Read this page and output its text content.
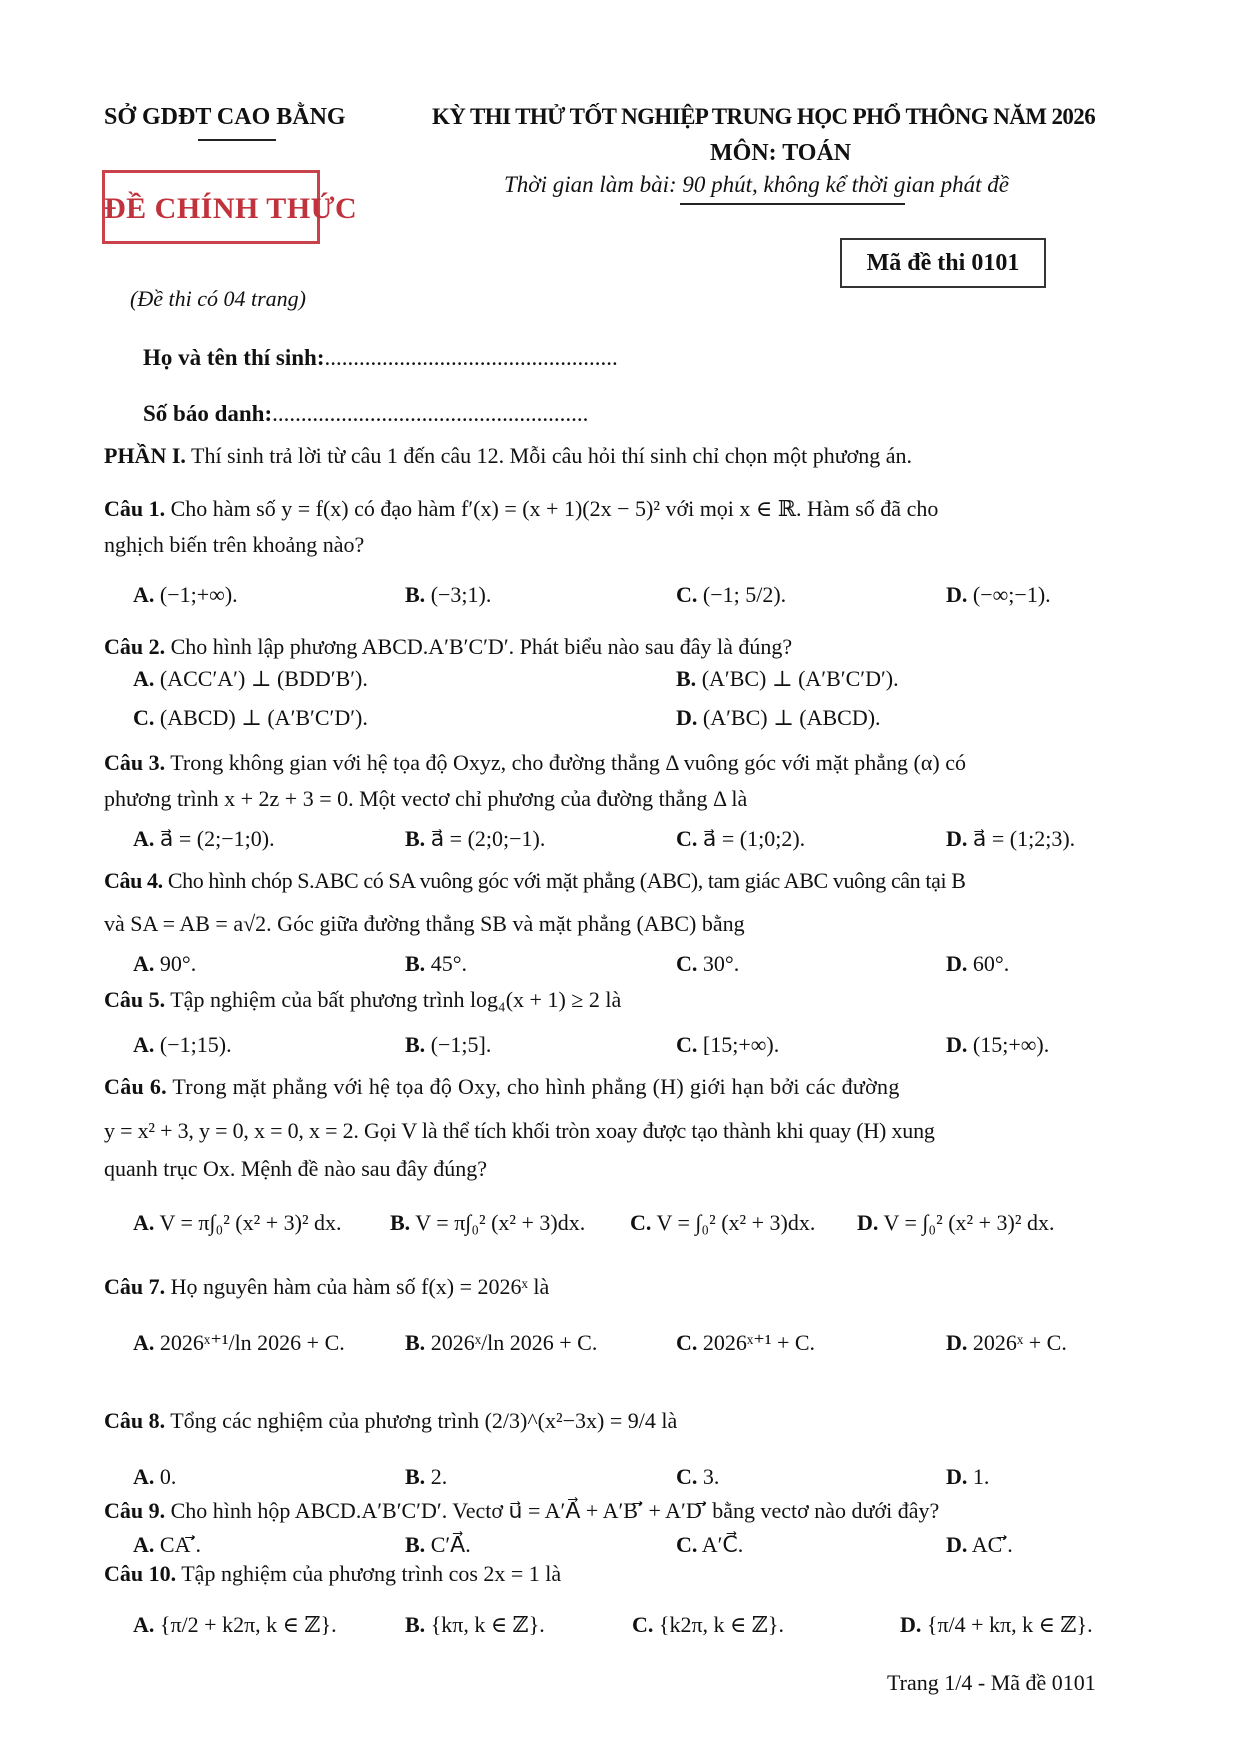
SỞ GDĐT CAO BẰNG	KỲ THI THỬ TỐT NGHIỆP TRUNG HỌC PHỔ THÔNG NĂM 2026
MÔN: TOÁN
Thời gian làm bài: 90 phút, không kể thời gian phát đề
ĐỀ CHÍNH THỨC
Mã đề thi 0101
(Đề thi có 04 trang)
Họ và tên thí sinh:...................................................
Số báo danh:.......................................................
PHẦN I. Thí sinh trả lời từ câu 1 đến câu 12. Mỗi câu hỏi thí sinh chỉ chọn một phương án.
Câu 1. Cho hàm số y = f(x) có đạo hàm f′(x) = (x + 1)(2x − 5)² với mọi x ∈ ℝ. Hàm số đã cho
nghịch biến trên khoảng nào?
A. (−1;+∞).	B. (−3;1).	C. (−1; 5/2).	D. (−∞;−1).
Câu 2. Cho hình lập phương ABCD.A′B′C′D′. Phát biểu nào sau đây là đúng?
A. (ACC′A′) ⊥ (BDD′B′).	B. (A′BC) ⊥ (A′B′C′D′).
C. (ABCD) ⊥ (A′B′C′D′).	D. (A′BC) ⊥ (ABCD).
Câu 3. Trong không gian với hệ tọa độ Oxyz, cho đường thẳng Δ vuông góc với mặt phẳng (α) có
phương trình x + 2z + 3 = 0. Một vectơ chỉ phương của đường thẳng Δ là
A. a⃗ = (2;−1;0).	B. a⃗ = (2;0;−1).	C. a⃗ = (1;0;2).	D. a⃗ = (1;2;3).
Câu 4. Cho hình chóp S.ABC có SA vuông góc với mặt phẳng (ABC), tam giác ABC vuông cân tại B
và SA = AB = a√2. Góc giữa đường thẳng SB và mặt phẳng (ABC) bằng
A. 90°.	B. 45°.	C. 30°.	D. 60°.
Câu 5. Tập nghiệm của bất phương trình log₄(x + 1) ≥ 2 là
A. (−1;15).	B. (−1;5].	C. [15;+∞).	D. (15;+∞).
Câu 6. Trong mặt phẳng với hệ tọa độ Oxy, cho hình phẳng (H) giới hạn bởi các đường
y = x² + 3, y = 0, x = 0, x = 2. Gọi V là thể tích khối tròn xoay được tạo thành khi quay (H) xung
quanh trục Ox. Mệnh đề nào sau đây đúng?
A. V = π∫₀² (x² + 3)² dx. B. V = π∫₀² (x² + 3)dx. C. V = ∫₀² (x² + 3)dx. D. V = ∫₀² (x² + 3)² dx.
Câu 7. Họ nguyên hàm của hàm số f(x) = 2026ˣ là
A. 2026ˣ⁺¹/ln 2026 + C.	B. 2026ˣ/ln 2026 + C.	C. 2026ˣ⁺¹ + C.	D. 2026ˣ + C.
Câu 8. Tổng các nghiệm của phương trình (2/3)^(x²−3x) = 9/4 là
A. 0.	B. 2.	C. 3.	D. 1.
Câu 9. Cho hình hộp ABCD.A′B′C′D′. Vectơ u⃗ = A′A⃗ + A′B′⃗ + A′D′⃗ bằng vectơ nào dưới đây?
A. CA′⃗.	B. C′A⃗.	C. A′C⃗.	D. AC′⃗.
Câu 10. Tập nghiệm của phương trình cos 2x = 1 là
A. {π/2 + k2π, k ∈ ℤ}.	B. {kπ, k ∈ ℤ}.	C. {k2π, k ∈ ℤ}.	D. {π/4 + kπ, k ∈ ℤ}.
Trang 1/4 - Mã đề 0101
